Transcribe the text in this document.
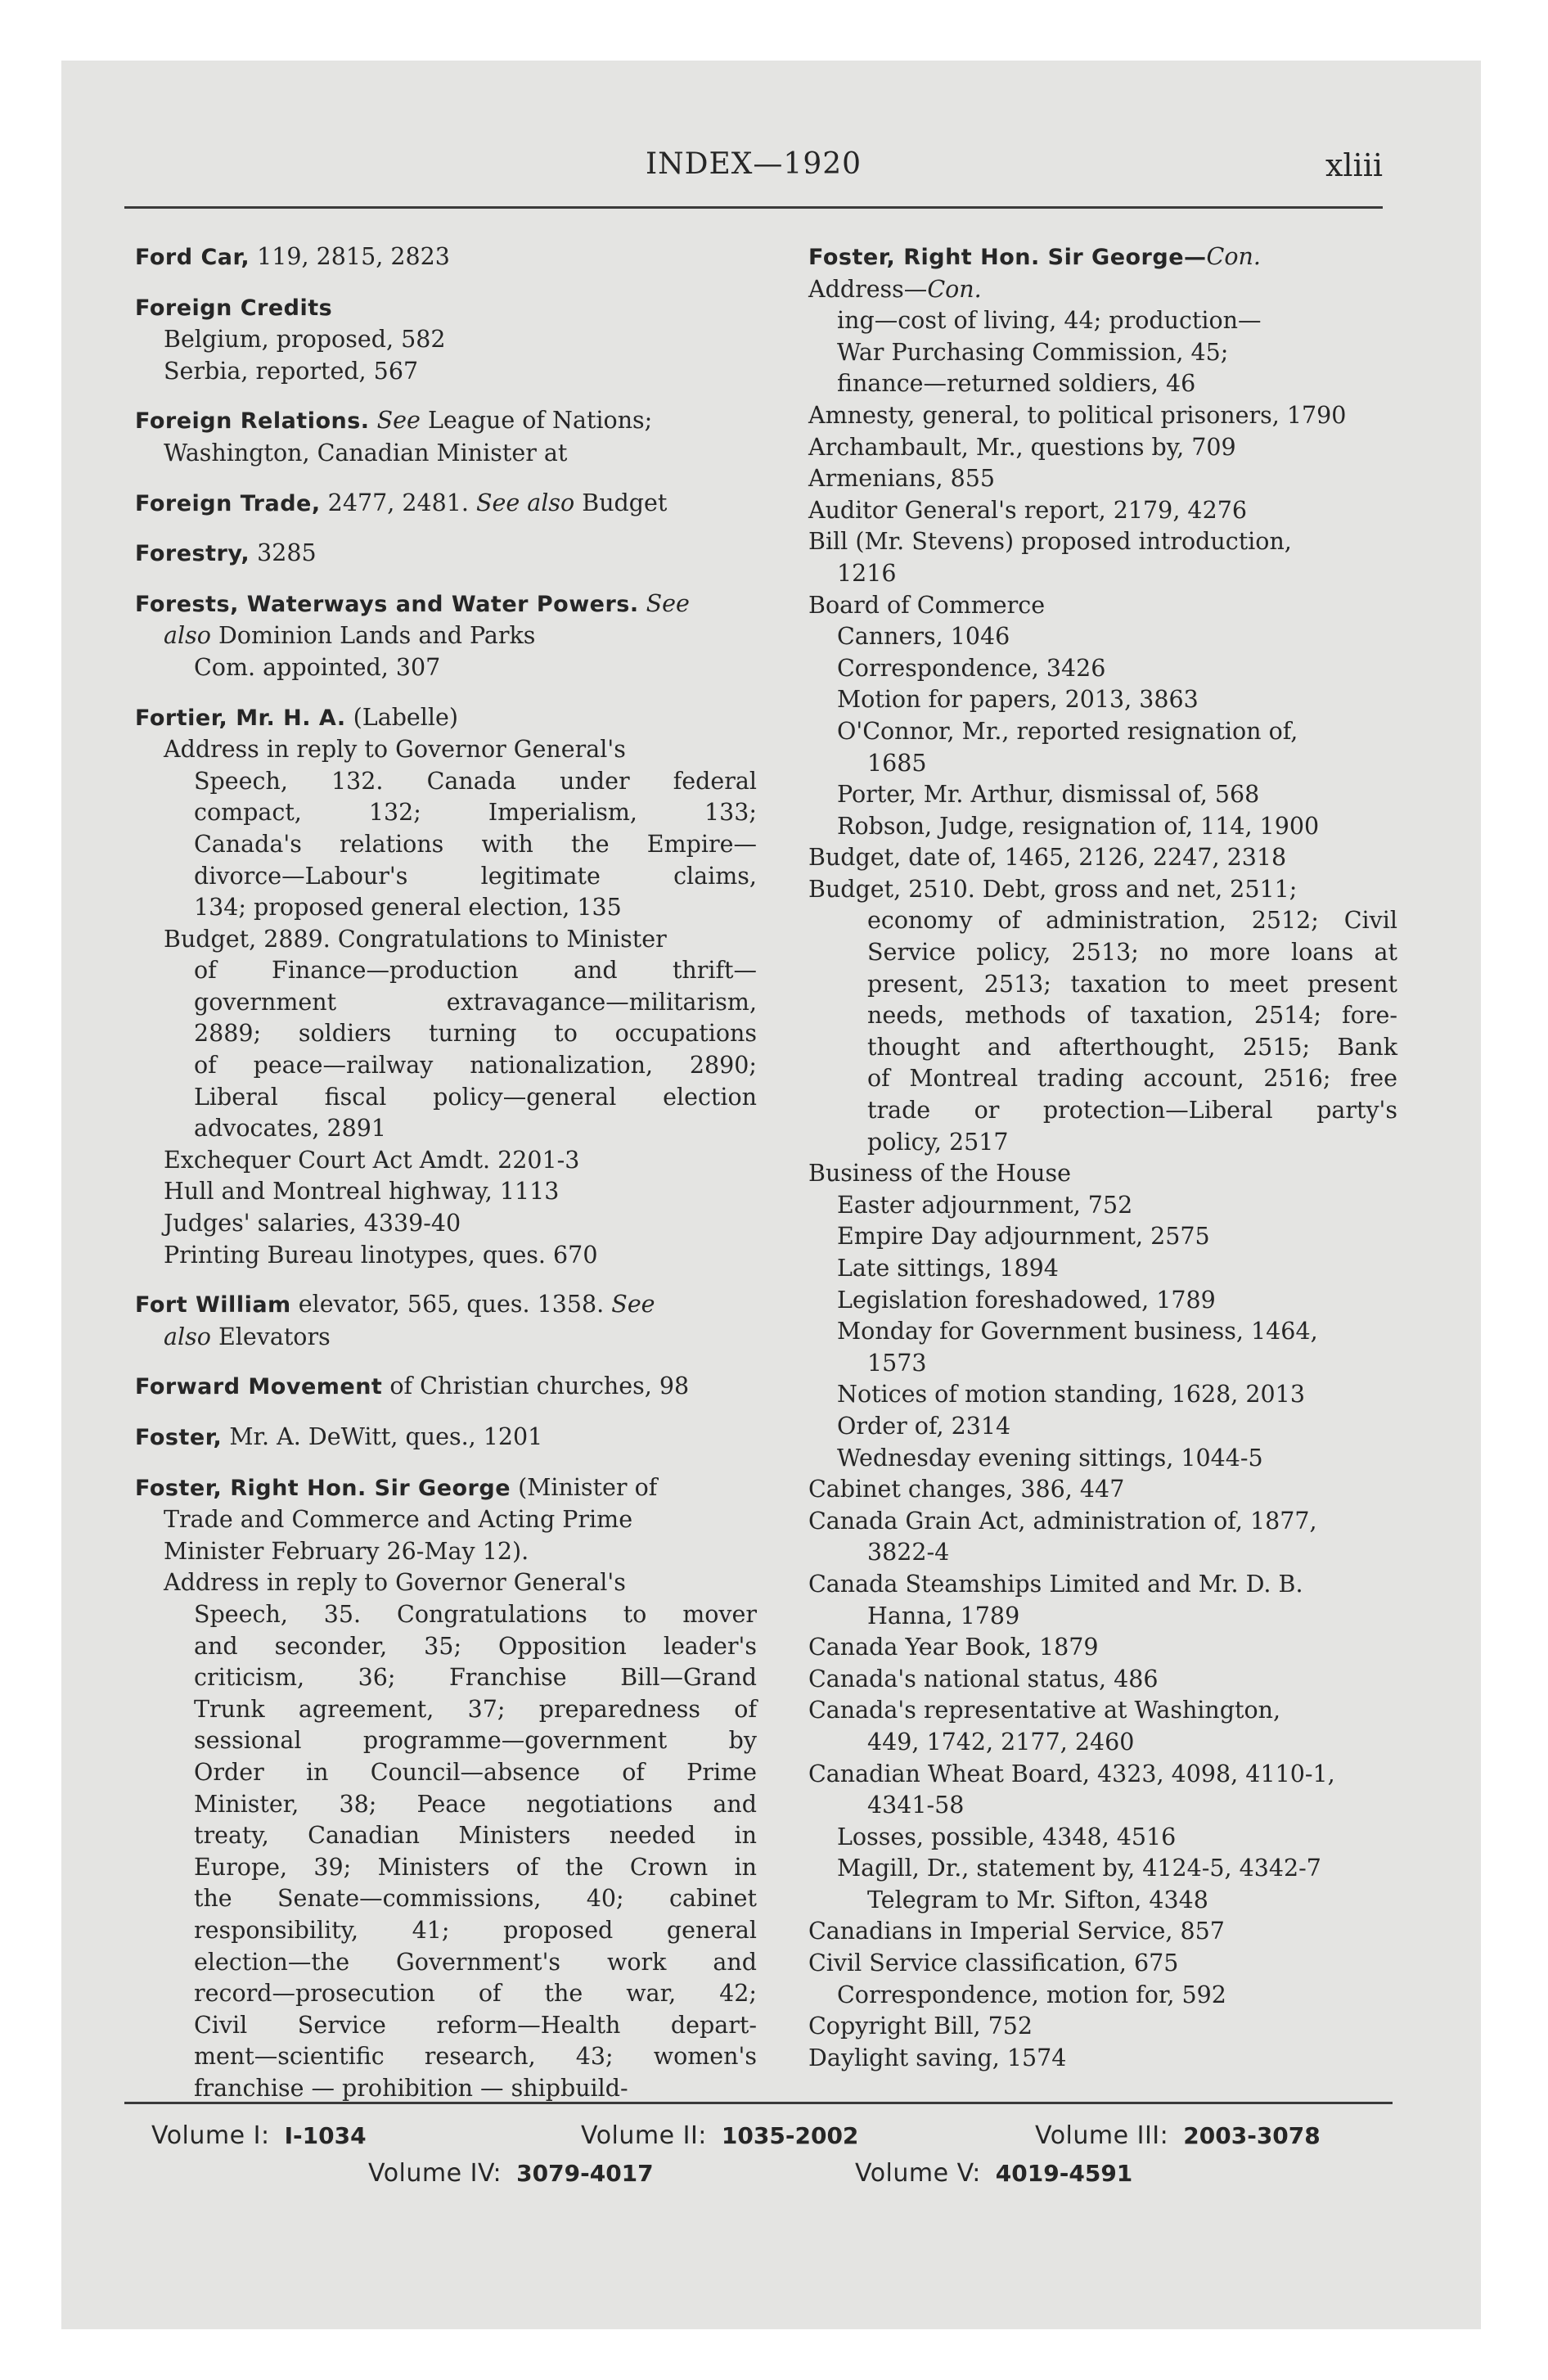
INDEX—1920	xliii
Ford Car, 119, 2815, 2823
Foreign Credits
Belgium, proposed, 582
Serbia, reported, 567
Foreign Relations. See League of Nations;
Washington, Canadian Minister at
Foreign Trade, 2477, 2481. See also Budget
Forestry, 3285
Forests, Waterways and Water Powers. See
also Dominion Lands and Parks
Com. appointed, 307
Fortier, Mr. H. A. (Labelle)
Address in reply to Governor General's
Speech, 132. Canada under federal
compact, 132; Imperialism, 133;
Canada's relations with the Empire—
divorce—Labour's legitimate claims,
134; proposed general election, 135
Budget, 2889. Congratulations to Minister
of Finance—production and thrift—
government extravagance—militarism,
2889; soldiers turning to occupations
of peace—railway nationalization, 2890;
Liberal fiscal policy—general election
advocates, 2891
Exchequer Court Act Amdt. 2201-3
Hull and Montreal highway, 1113
Judges' salaries, 4339-40
Printing Bureau linotypes, ques. 670
Fort William elevator, 565, ques. 1358. See
also Elevators
Forward Movement of Christian churches, 98
Foster, Mr. A. DeWitt, ques., 1201
Foster, Right Hon. Sir George (Minister of
Trade and Commerce and Acting Prime
Minister February 26-May 12).
Address in reply to Governor General's
Speech, 35. Congratulations to mover
and seconder, 35; Opposition leader's
criticism, 36; Franchise Bill—Grand
Trunk agreement, 37; preparedness of
sessional programme—government by
Order in Council—absence of Prime
Minister, 38; Peace negotiations and
treaty, Canadian Ministers needed in
Europe, 39; Ministers of the Crown in
the Senate—commissions, 40; cabinet
responsibility, 41; proposed general
election—the Government's work and
record—prosecution of the war, 42;
Civil Service reform—Health depart-
ment—scientific research, 43; women's
franchise — prohibition — shipbuild-
Foster, Right Hon. Sir George—Con.
Address—Con.
ing—cost of living, 44; production—
War Purchasing Commission, 45;
finance—returned soldiers, 46
Amnesty, general, to political prisoners, 1790
Archambault, Mr., questions by, 709
Armenians, 855
Auditor General's report, 2179, 4276
Bill (Mr. Stevens) proposed introduction,
1216
Board of Commerce
Canners, 1046
Correspondence, 3426
Motion for papers, 2013, 3863
O'Connor, Mr., reported resignation of,
1685
Porter, Mr. Arthur, dismissal of, 568
Robson, Judge, resignation of, 114, 1900
Budget, date of, 1465, 2126, 2247, 2318
Budget, 2510. Debt, gross and net, 2511;
economy of administration, 2512; Civil
Service policy, 2513; no more loans at
present, 2513; taxation to meet present
needs, methods of taxation, 2514; fore-
thought and afterthought, 2515; Bank
of Montreal trading account, 2516; free
trade or protection—Liberal party's
policy, 2517
Business of the House
Easter adjournment, 752
Empire Day adjournment, 2575
Late sittings, 1894
Legislation foreshadowed, 1789
Monday for Government business, 1464,
1573
Notices of motion standing, 1628, 2013
Order of, 2314
Wednesday evening sittings, 1044-5
Cabinet changes, 386, 447
Canada Grain Act, administration of, 1877,
3822-4
Canada Steamships Limited and Mr. D. B.
Hanna, 1789
Canada Year Book, 1879
Canada's national status, 486
Canada's representative at Washington,
449, 1742, 2177, 2460
Canadian Wheat Board, 4323, 4098, 4110-1,
4341-58
Losses, possible, 4348, 4516
Magill, Dr., statement by, 4124-5, 4342-7
Telegram to Mr. Sifton, 4348
Canadians in Imperial Service, 857
Civil Service classification, 675
Correspondence, motion for, 592
Copyright Bill, 752
Daylight saving, 1574
Volume I: I-1034	Volume II: 1035-2002	Volume III: 2003-3078
Volume IV: 3079-4017	Volume V: 4019-4591
